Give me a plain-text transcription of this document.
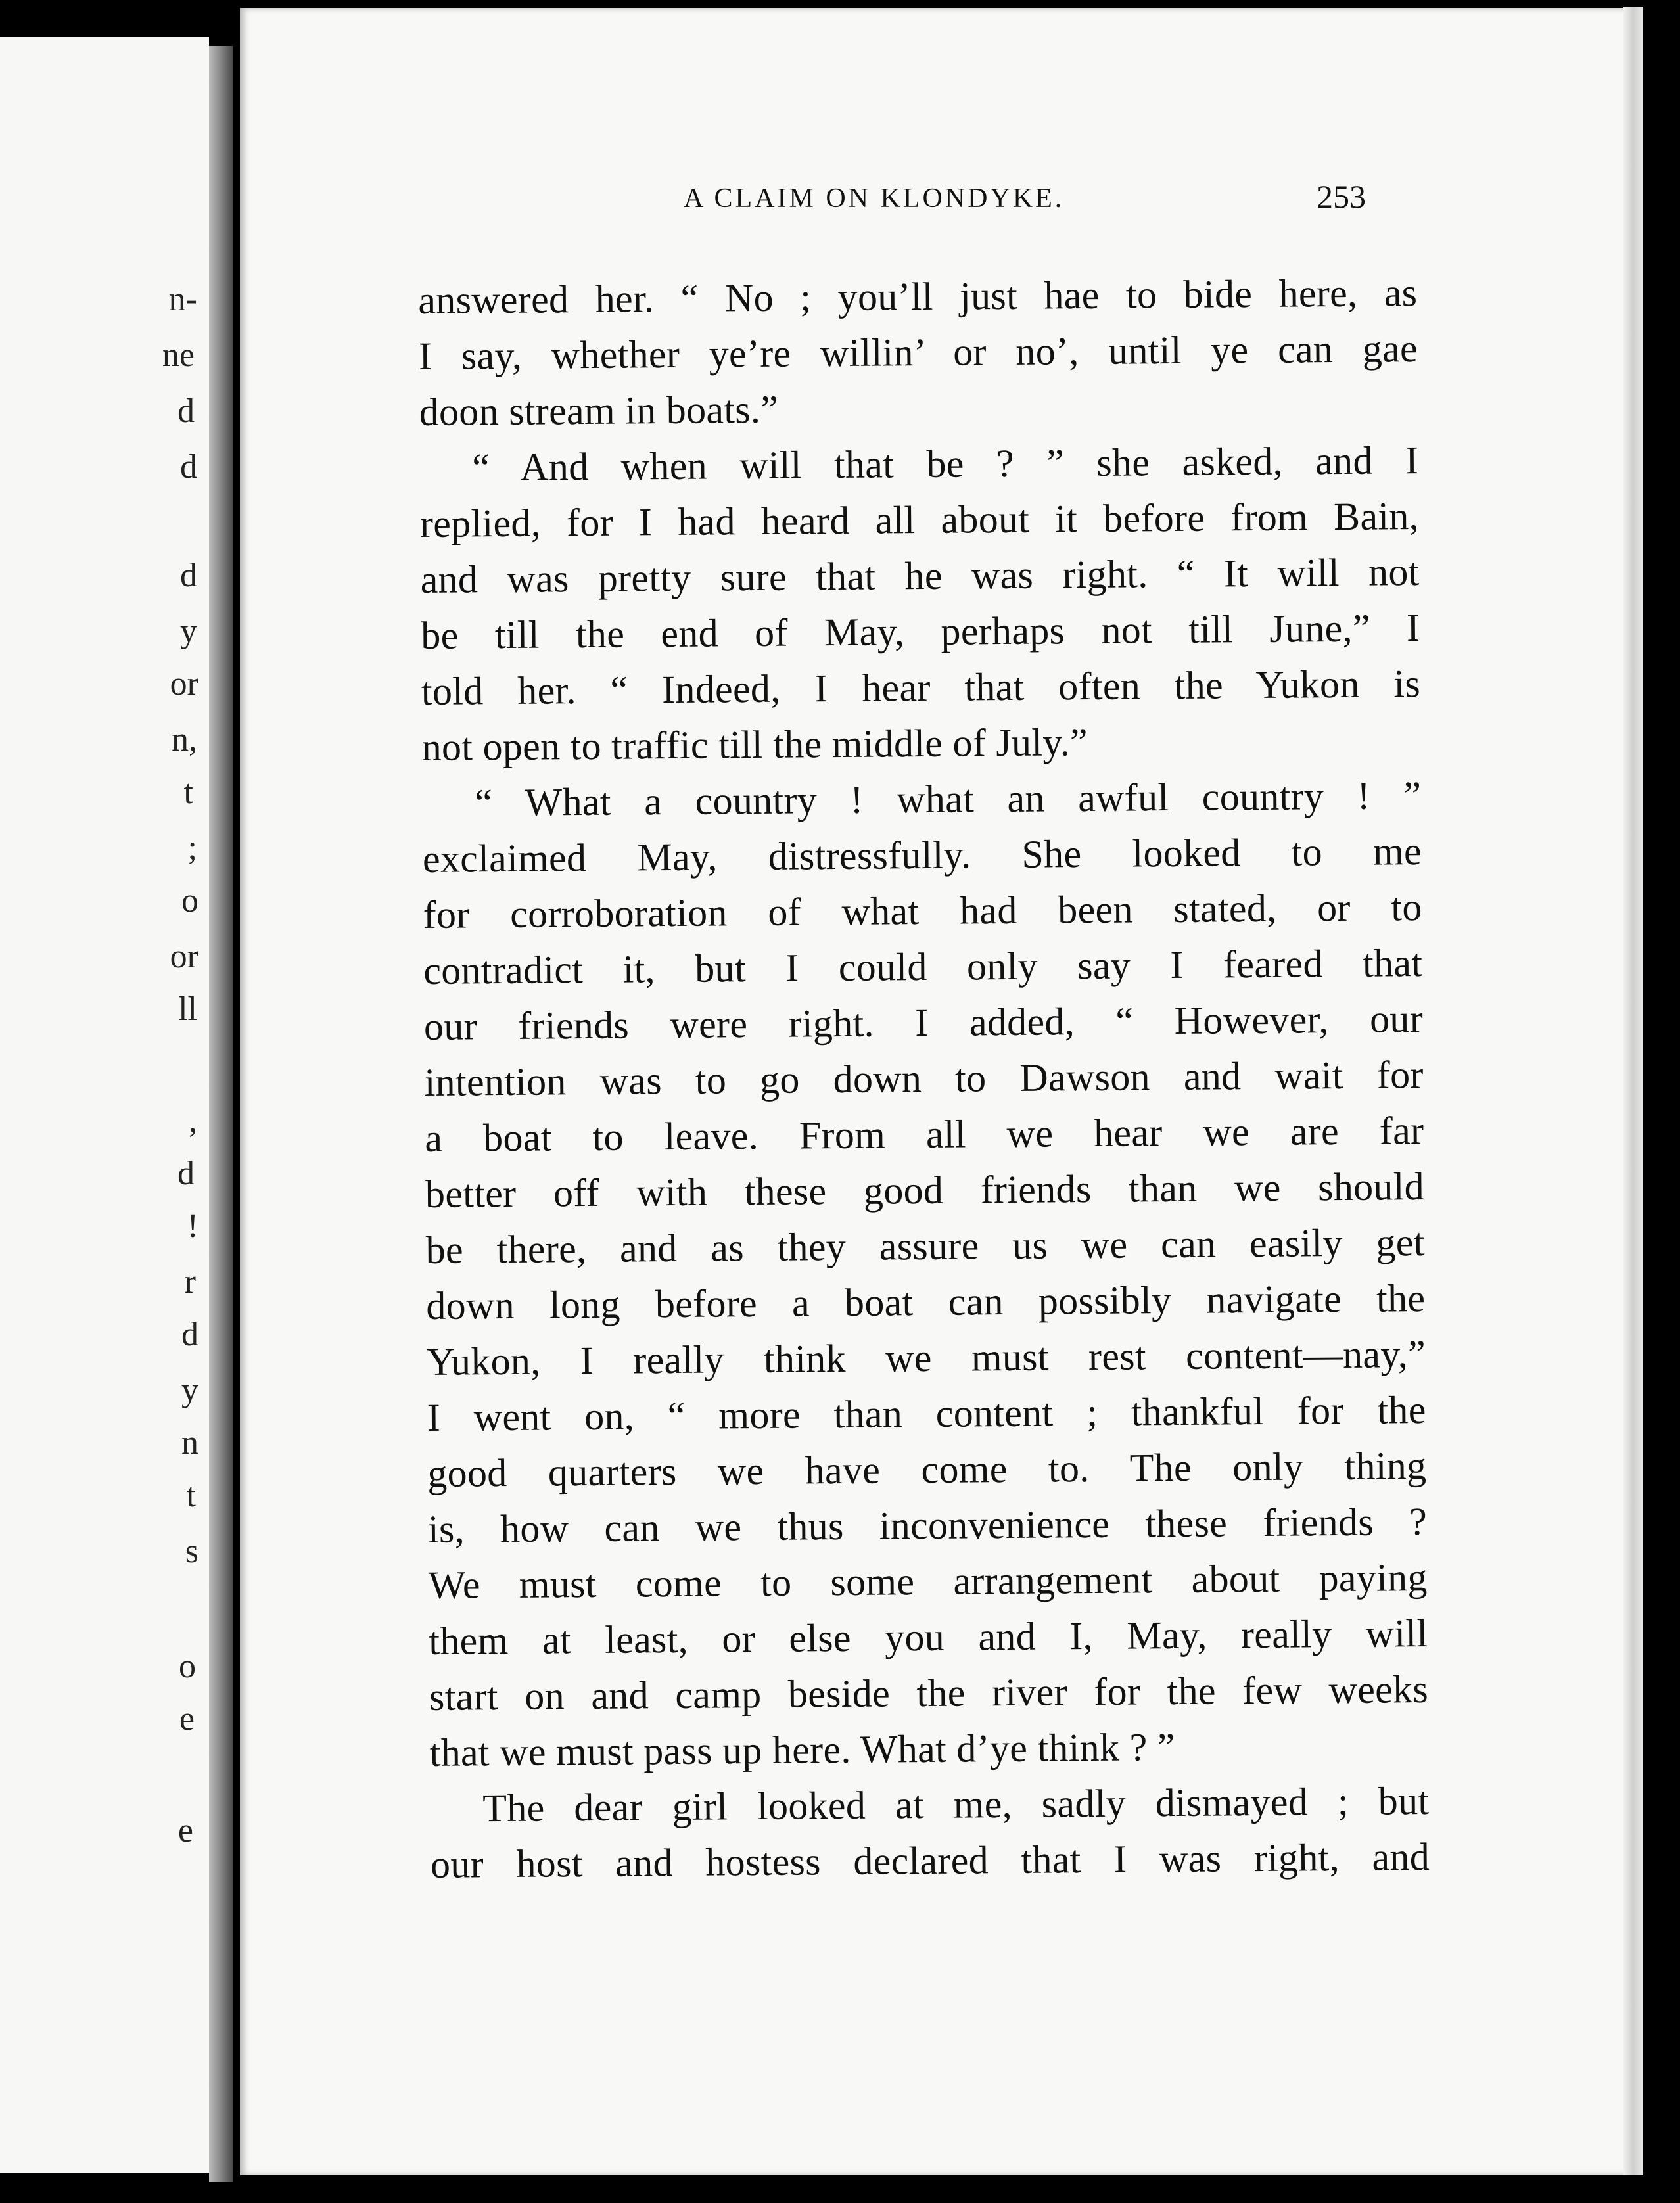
n-
ne
d
d
d
y
or
n,
t
;
o
or
ll
,
d
!
r
d
y
n
t
s
o
e
e
A CLAIM ON KLONDYKE.	253
answered her. “ No ; you’ll just hae to bide here, as
I say, whether ye’re willin’ or no’, until ye can gae
doon stream in boats.”
“ And when will that be ? ” she asked, and I
replied, for I had heard all about it before from Bain,
and was pretty sure that he was right. “ It will not
be till the end of May, perhaps not till June,” I
told her. “ Indeed, I hear that often the Yukon is
not open to traffic till the middle of July.”
“ What a country ! what an awful country ! ”
exclaimed May, distressfully. She looked to me
for corroboration of what had been stated, or to
contradict it, but I could only say I feared that
our friends were right. I added, “ However, our
intention was to go down to Dawson and wait for
a boat to leave. From all we hear we are far
better off with these good friends than we should
be there, and as they assure us we can easily get
down long before a boat can possibly navigate the
Yukon, I really think we must rest content—nay,”
I went on, “ more than content ; thankful for the
good quarters we have come to. The only thing
is, how can we thus inconvenience these friends ?
We must come to some arrangement about paying
them at least, or else you and I, May, really will
start on and camp beside the river for the few weeks
that we must pass up here. What d’ye think ? ”
The dear girl looked at me, sadly dismayed ; but
our host and hostess declared that I was right, and
